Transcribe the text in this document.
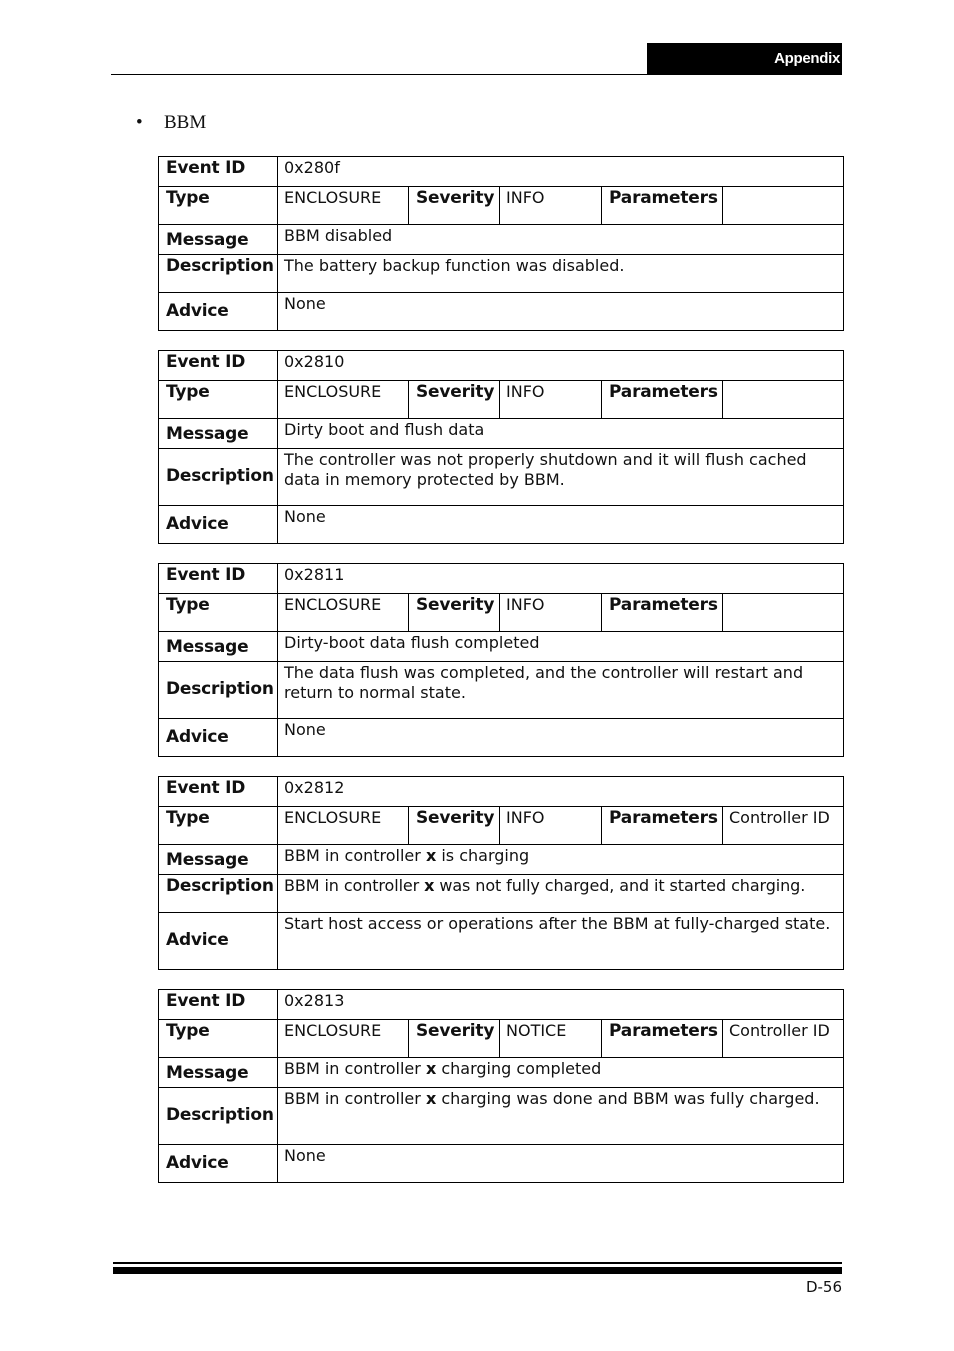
Appendix
• BBM
Event ID	0x280f				
Type	ENCLOSURE	Severity	INFO	Parameters	
Message	BBM disabled				
Description	The battery backup function was disabled.				
Advice	None				
Event ID	0x2810				
Type	ENCLOSURE	Severity	INFO	Parameters	
Message	Dirty boot and flush data				
Description	The controller was not properly shutdown and it will flush cached data in memory protected by BBM.				
Advice	None				
Event ID	0x2811				
Type	ENCLOSURE	Severity	INFO	Parameters	
Message	Dirty-boot data flush completed				
Description	The data flush was completed, and the controller will restart and return to normal state.				
Advice	None				
Event ID	0x2812				
Type	ENCLOSURE	Severity	INFO	Parameters	Controller ID
Message	BBM in controller x is charging				
Description	BBM in controller x was not fully charged, and it started charging.				
Advice	Start host access or operations after the BBM at fully-charged state.				
Event ID	0x2813				
Type	ENCLOSURE	Severity	NOTICE	Parameters	Controller ID
Message	BBM in controller x charging completed				
Description	BBM in controller x charging was done and BBM was fully charged.				
Advice	None				
D-56
